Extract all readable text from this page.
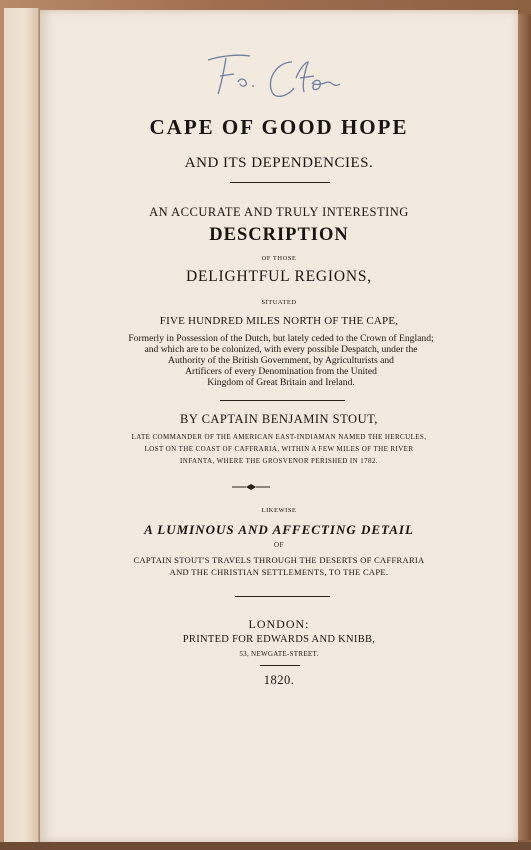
CAPE OF GOOD HOPE
AND ITS DEPENDENCIES.
AN ACCURATE AND TRULY INTERESTING
DESCRIPTION
OF THOSE
DELIGHTFUL REGIONS,
SITUATED
FIVE HUNDRED MILES NORTH OF THE CAPE,
Formerly in Possession of the Dutch, but lately ceded to the Crown of England;
and which are to be colonized, with every possible Despatch, under the
Authority of the British Government, by Agriculturists and
Artificers of every Denomination from the United
Kingdom of Great Britain and Ireland.
BY CAPTAIN BENJAMIN STOUT,
LATE COMMANDER OF THE AMERICAN EAST-INDIAMAN NAMED THE HERCULES,
LOST ON THE COAST OF CAFFRARIA, WITHIN A FEW MILES OF THE RIVER
INFANTA, WHERE THE GROSVENOR PERISHED IN 1782.
LIKEWISE
A LUMINOUS AND AFFECTING DETAIL
OF
CAPTAIN STOUT'S TRAVELS THROUGH THE DESERTS OF CAFFRARIA
AND THE CHRISTIAN SETTLEMENTS, TO THE CAPE.
LONDON:
PRINTED FOR EDWARDS AND KNIBB,
53, NEWGATE-STREET.
1820.
